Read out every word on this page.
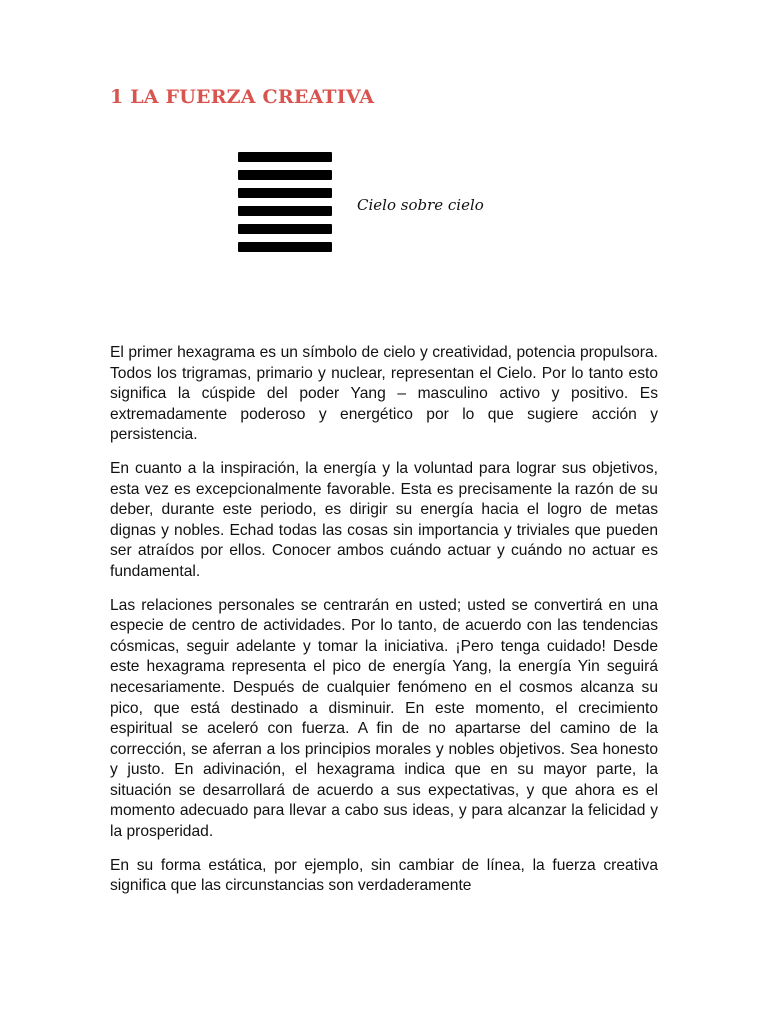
1 LA FUERZA CREATIVA
Cielo sobre cielo

El primer hexagrama es un símbolo de cielo y creatividad, potencia propulsora. Todos los trigramas, primario y nuclear, representan el Cielo. Por lo tanto esto significa la cúspide del poder Yang – masculino activo y positivo. Es extremadamente poderoso y energético por lo que sugiere acción y persistencia.

En cuanto a la inspiración, la energía y la voluntad para lograr sus objetivos, esta vez es excepcionalmente favorable. Esta es precisamente la razón de su deber, durante este periodo, es dirigir su energía hacia el logro de metas dignas y nobles. Echad todas las cosas sin importancia y triviales que pueden ser atraídos por ellos. Conocer ambos cuándo actuar y cuándo no actuar es fundamental.

Las relaciones personales se centrarán en usted; usted se convertirá en una especie de centro de actividades. Por lo tanto, de acuerdo con las tendencias cósmicas, seguir adelante y tomar la iniciativa. ¡Pero tenga cuidado! Desde este hexagrama representa el pico de energía Yang, la energía Yin seguirá necesariamente. Después de cualquier fenómeno en el cosmos alcanza su pico, que está destinado a disminuir. En este momento, el crecimiento espiritual se aceleró con fuerza. A fin de no apartarse del camino de la corrección, se aferran a los principios morales y nobles objetivos. Sea honesto y justo. En adivinación, el hexagrama indica que en su mayor parte, la situación se desarrollará de acuerdo a sus expectativas, y que ahora es el momento adecuado para llevar a cabo sus ideas, y para alcanzar la felicidad y la prosperidad.

En su forma estática, por ejemplo, sin cambiar de línea, la fuerza creativa significa que las circunstancias son verdaderamente
